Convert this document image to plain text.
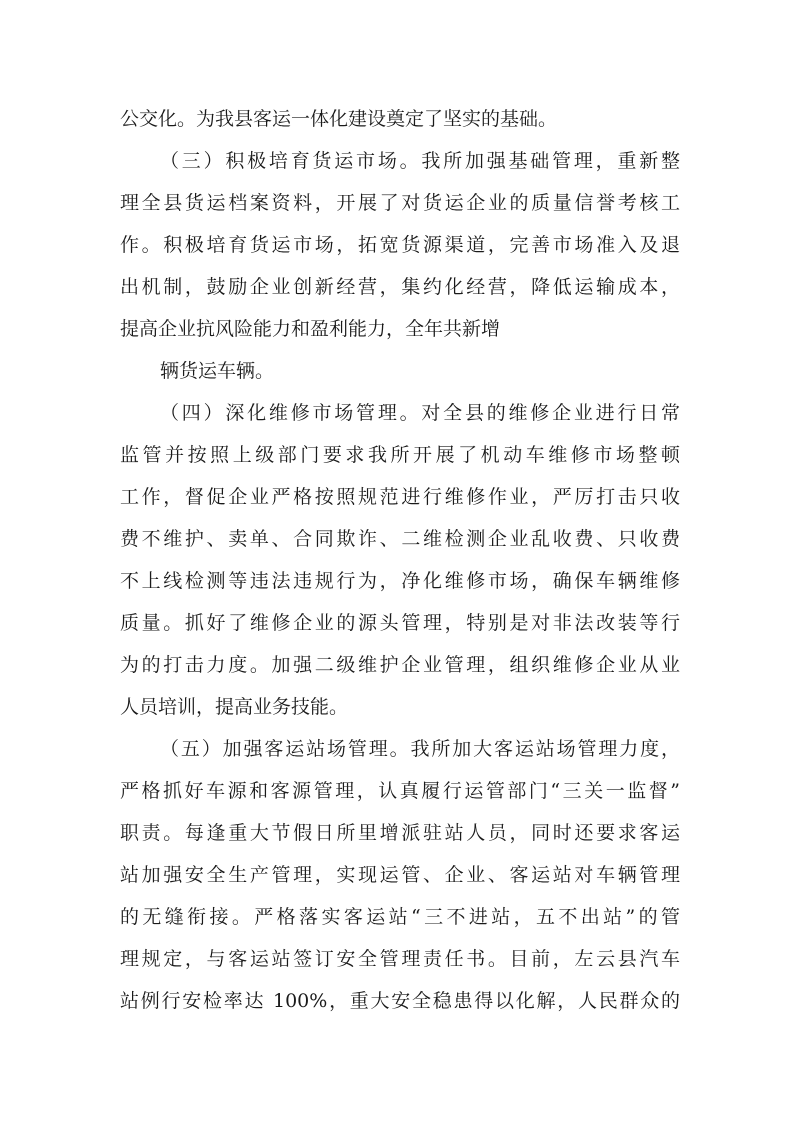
公交化。为我县客运一体化建设奠定了坚实的基础。
（三）积极培育货运市场。我所加强基础管理，重新整
理全县货运档案资料，开展了对货运企业的质量信誉考核工
作。积极培育货运市场，拓宽货源渠道，完善市场准入及退
出机制，鼓励企业创新经营，集约化经营，降低运输成本，
提高企业抗风险能力和盈利能力，全年共新增
辆货运车辆。
（四）深化维修市场管理。对全县的维修企业进行日常
监管并按照上级部门要求我所开展了机动车维修市场整顿
工作，督促企业严格按照规范进行维修作业，严厉打击只收
费不维护、卖单、合同欺诈、二维检测企业乱收费、只收费
不上线检测等违法违规行为，净化维修市场，确保车辆维修
质量。抓好了维修企业的源头管理，特别是对非法改装等行
为的打击力度。加强二级维护企业管理，组织维修企业从业
人员培训，提高业务技能。
（五）加强客运站场管理。我所加大客运站场管理力度，
严格抓好车源和客源管理，认真履行运管部门“三关一监督”
职责。每逢重大节假日所里增派驻站人员，同时还要求客运
站加强安全生产管理，实现运管、企业、客运站对车辆管理
的无缝衔接。严格落实客运站“三不进站，五不出站”的管
理规定，与客运站签订安全管理责任书。目前，左云县汽车
站例行安检率达 100%，重大安全稳患得以化解，人民群众的
